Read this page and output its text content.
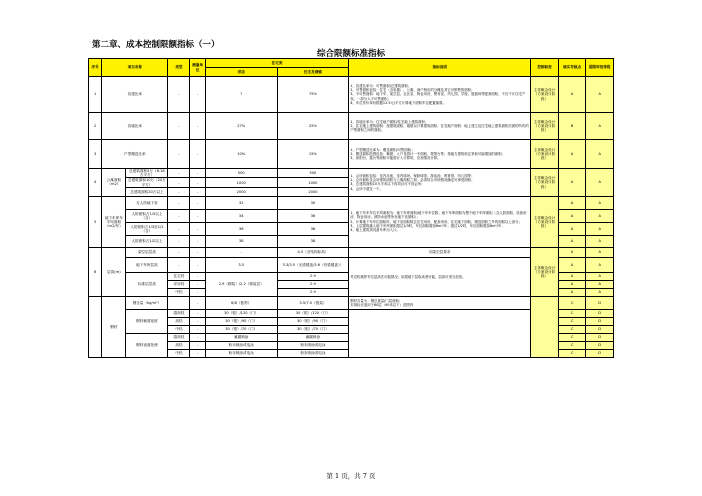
第二章、成本控制限额指标（一）
综合限额标准指标
序号	项目名称		类型	测量单位	住宅类		指标说明	控制职责	核实考核点	超限审批等级
					洋房	住宅及商铺				
1	容建比率		-	-	?	75%	1、容建比率为：可售面积/总建筑面积；
2、可售面积包括：住宅（含电梯）、公寓、商户相应的分摊及其它可销售的面积；
3、不可售面积：地下车、架空层、社区室、物业用房、警务室、幼儿园、学校、篮板场等配套面积，不在不计住宅产权、一部分人不可售面积；
4、车位作价单价根据12.5元/平方计算地下面积车位配置换算。	主体概念设计（方案设计阶段）	A	A
2	容墙比率		-	-	27%	25%	1、容墙比率为：住宅地户面积/住宅地上建筑面积；
2、住宅地上建筑面积：按建筑面积、墙壁以计算建筑面积；住宅地户面积：地上建立及住宅地上建筑面积后面的所有的户型面积之间的面积。	主体概念设计（方案设计阶段）	B	A
3	户型赠送比率		-	-	10%	15%	1、户型赠送比率为：赠送面积/可售面积；
2、赠送面积范围包括：飘窗、入户花园计一半面积，观景台等；按地方建筑规定采取可能增加的面积；
3、如阳台、露台等面积可能需计入计算的，应视情况计算。	主体概念设计（方案设计阶段）	A	A
4	公寓面积（m2）	总建筑面积5万（6-18万平方）	-	-	500	500	1、会所面积包括：室内泳池、室内球场、保龄球馆、游泳池、教育馆、幼儿园等；
2、会所面积含会所建筑面积与公寓面积之和，必须结合市场情况确定可承受面积；
3、总建筑面积10万平米以下的项目可不设会所；
4、会所不超过一个。	主体概念设计（方案设计阶段）	A	A
		总建筑面积10万（20万平方）	-	-	1000	1000				
		总建筑面积20万以上	-	-	2000	2000				
5	地下车库车平均面积（m2/车）	无人防地下室	-	-	32	30	1、地下车车车位平均面积为：地下车库面积/地下车车位数；地下车库面积为整个地下车库面积（含人防面积、设备用房、物业用房、消防水池等所有地下室面积）；
2、计算地下车车位面积时，地下室面积除去住宅用房、配套用房、住宅地下面积、赠送面积之外的面积以上部分；
3、上层建筑落入地下车库面积超过1/3时，车位面积增加6m²/车；超过1/2时，车位面积增加8m²/车；
4、地上建筑须具备车库出入口。	主体概念设计（方案设计阶段）	A	A
		人防面积占1/3以上（含）	-	-	34	36			A	A
		人防面积占1/3至1/2（含）	-	-	36	36			A	A
		人防面积占1/2以上	-	-	38	38			A	A
6	层高(m)	架空层层高	-	-	-	4.5（含结构标高）	同架空层要求	主体概念设计（方案设计阶段）	A	A
		地下车库层高	-	-	3.5	3.3/3.5（无梁楼盖/3.6（有梁楼盖））	考虑机械停车位层高在可能情况；如果地下层取高者可能，层高可适当放宽。		A	A
		标准层层高	住宅档	-	2.9（精装）/2.2（简装层）	2.9			A	A
			洋房档	-		2.9			A	A
			中档	-		2.9			A	A
	钢材	钢含量（kg/m²）		-	6/8（框剪）	3.5/7.0（框架）	钢材含量为：钢总重量/门层面积；
本指标仅适用于60层（90米以下）范围内		C	D
		钢材截面宽度	超高档	-	30（根）/120（门）	30（根）/120（门）			C	D
			高档	-	30（根）/90（门）	30（根）/90（门）			C	D
			中档	-	30（根）/70（门）	30（根）/70（门）			C	D
		钢材表面处理	超高档	-	氟碳喷涂	氟碳喷涂			C	D
			高档	-	粉末喷涂或电泳	粉末喷涂或电泳			C	D
			中档	-	粉末喷涂或电泳	粉末喷涂或电泳			C	D
第 1 页，共 7 页
